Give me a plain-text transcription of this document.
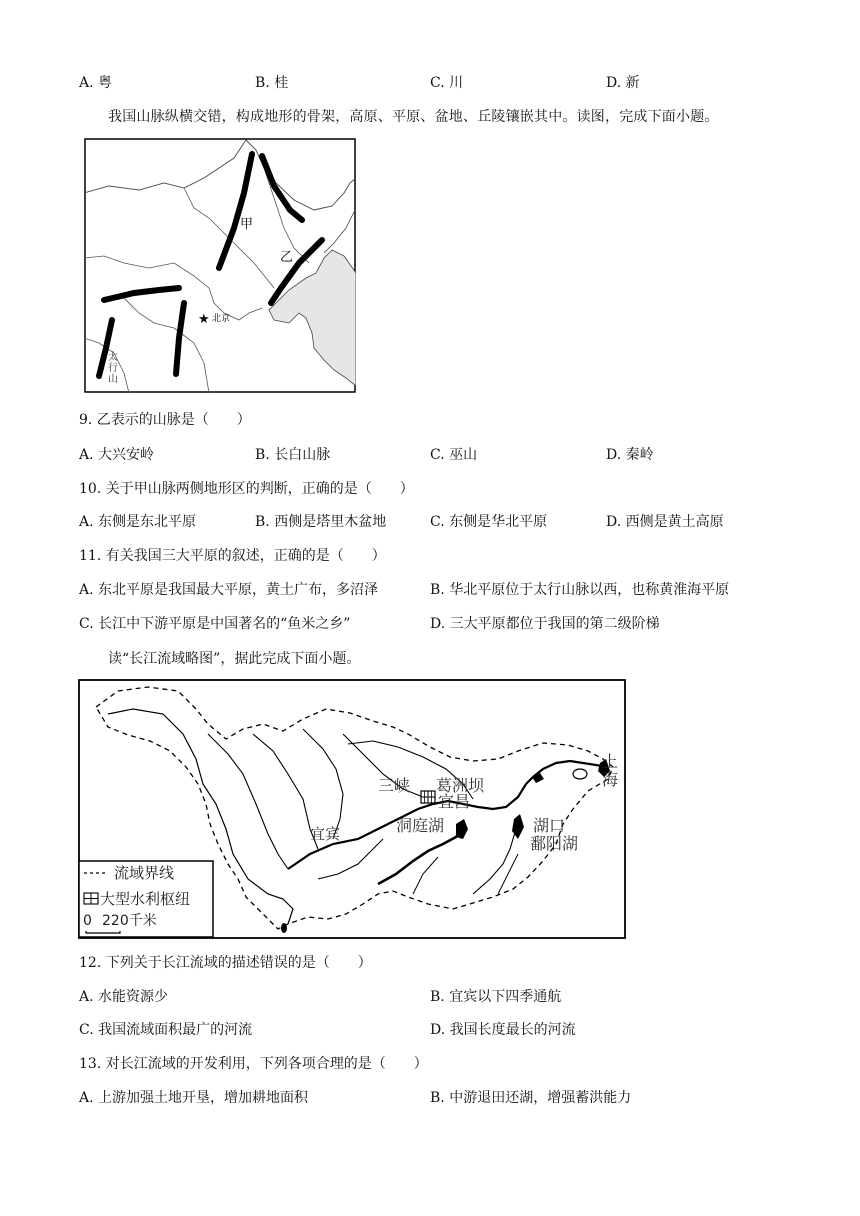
A. 粤	B. 桂	C. 川	D. 新
我国山脉纵横交错，构成地形的骨架，高原、平原、盆地、丘陵镶嵌其中。读图，完成下面小题。
★ 北京
甲
乙
太
行
山
9. 乙表示的山脉是（　　）
A. 大兴安岭	B. 长白山脉	C. 巫山	D. 秦岭
10. 关于甲山脉两侧地形区的判断，正确的是（　　）
A. 东侧是东北平原	B. 西侧是塔里木盆地	C. 东侧是华北平原	D. 西侧是黄土高原
11. 有关我国三大平原的叙述，正确的是（　　）
A. 东北平原是我国最大平原，黄土广布，多沼泽	B. 华北平原位于太行山脉以西，也称黄淮海平原
C. 长江中下游平原是中国著名的“鱼米之乡”	D. 三大平原都位于我国的第二级阶梯
读“长江流域略图”，据此完成下面小题。
三峡 葛洲坝
宜昌
宜宾	洞庭湖	湖口
鄱阳湖
上
海
流域界线
大型水利枢纽
0 220千米
12. 下列关于长江流域的描述错误的是（　　）
A. 水能资源少	B. 宜宾以下四季通航
C. 我国流域面积最广的河流	D. 我国长度最长的河流
13. 对长江流域的开发利用，下列各项合理的是（　　）
A. 上游加强土地开垦，增加耕地面积	B. 中游退田还湖，增强蓄洪能力
